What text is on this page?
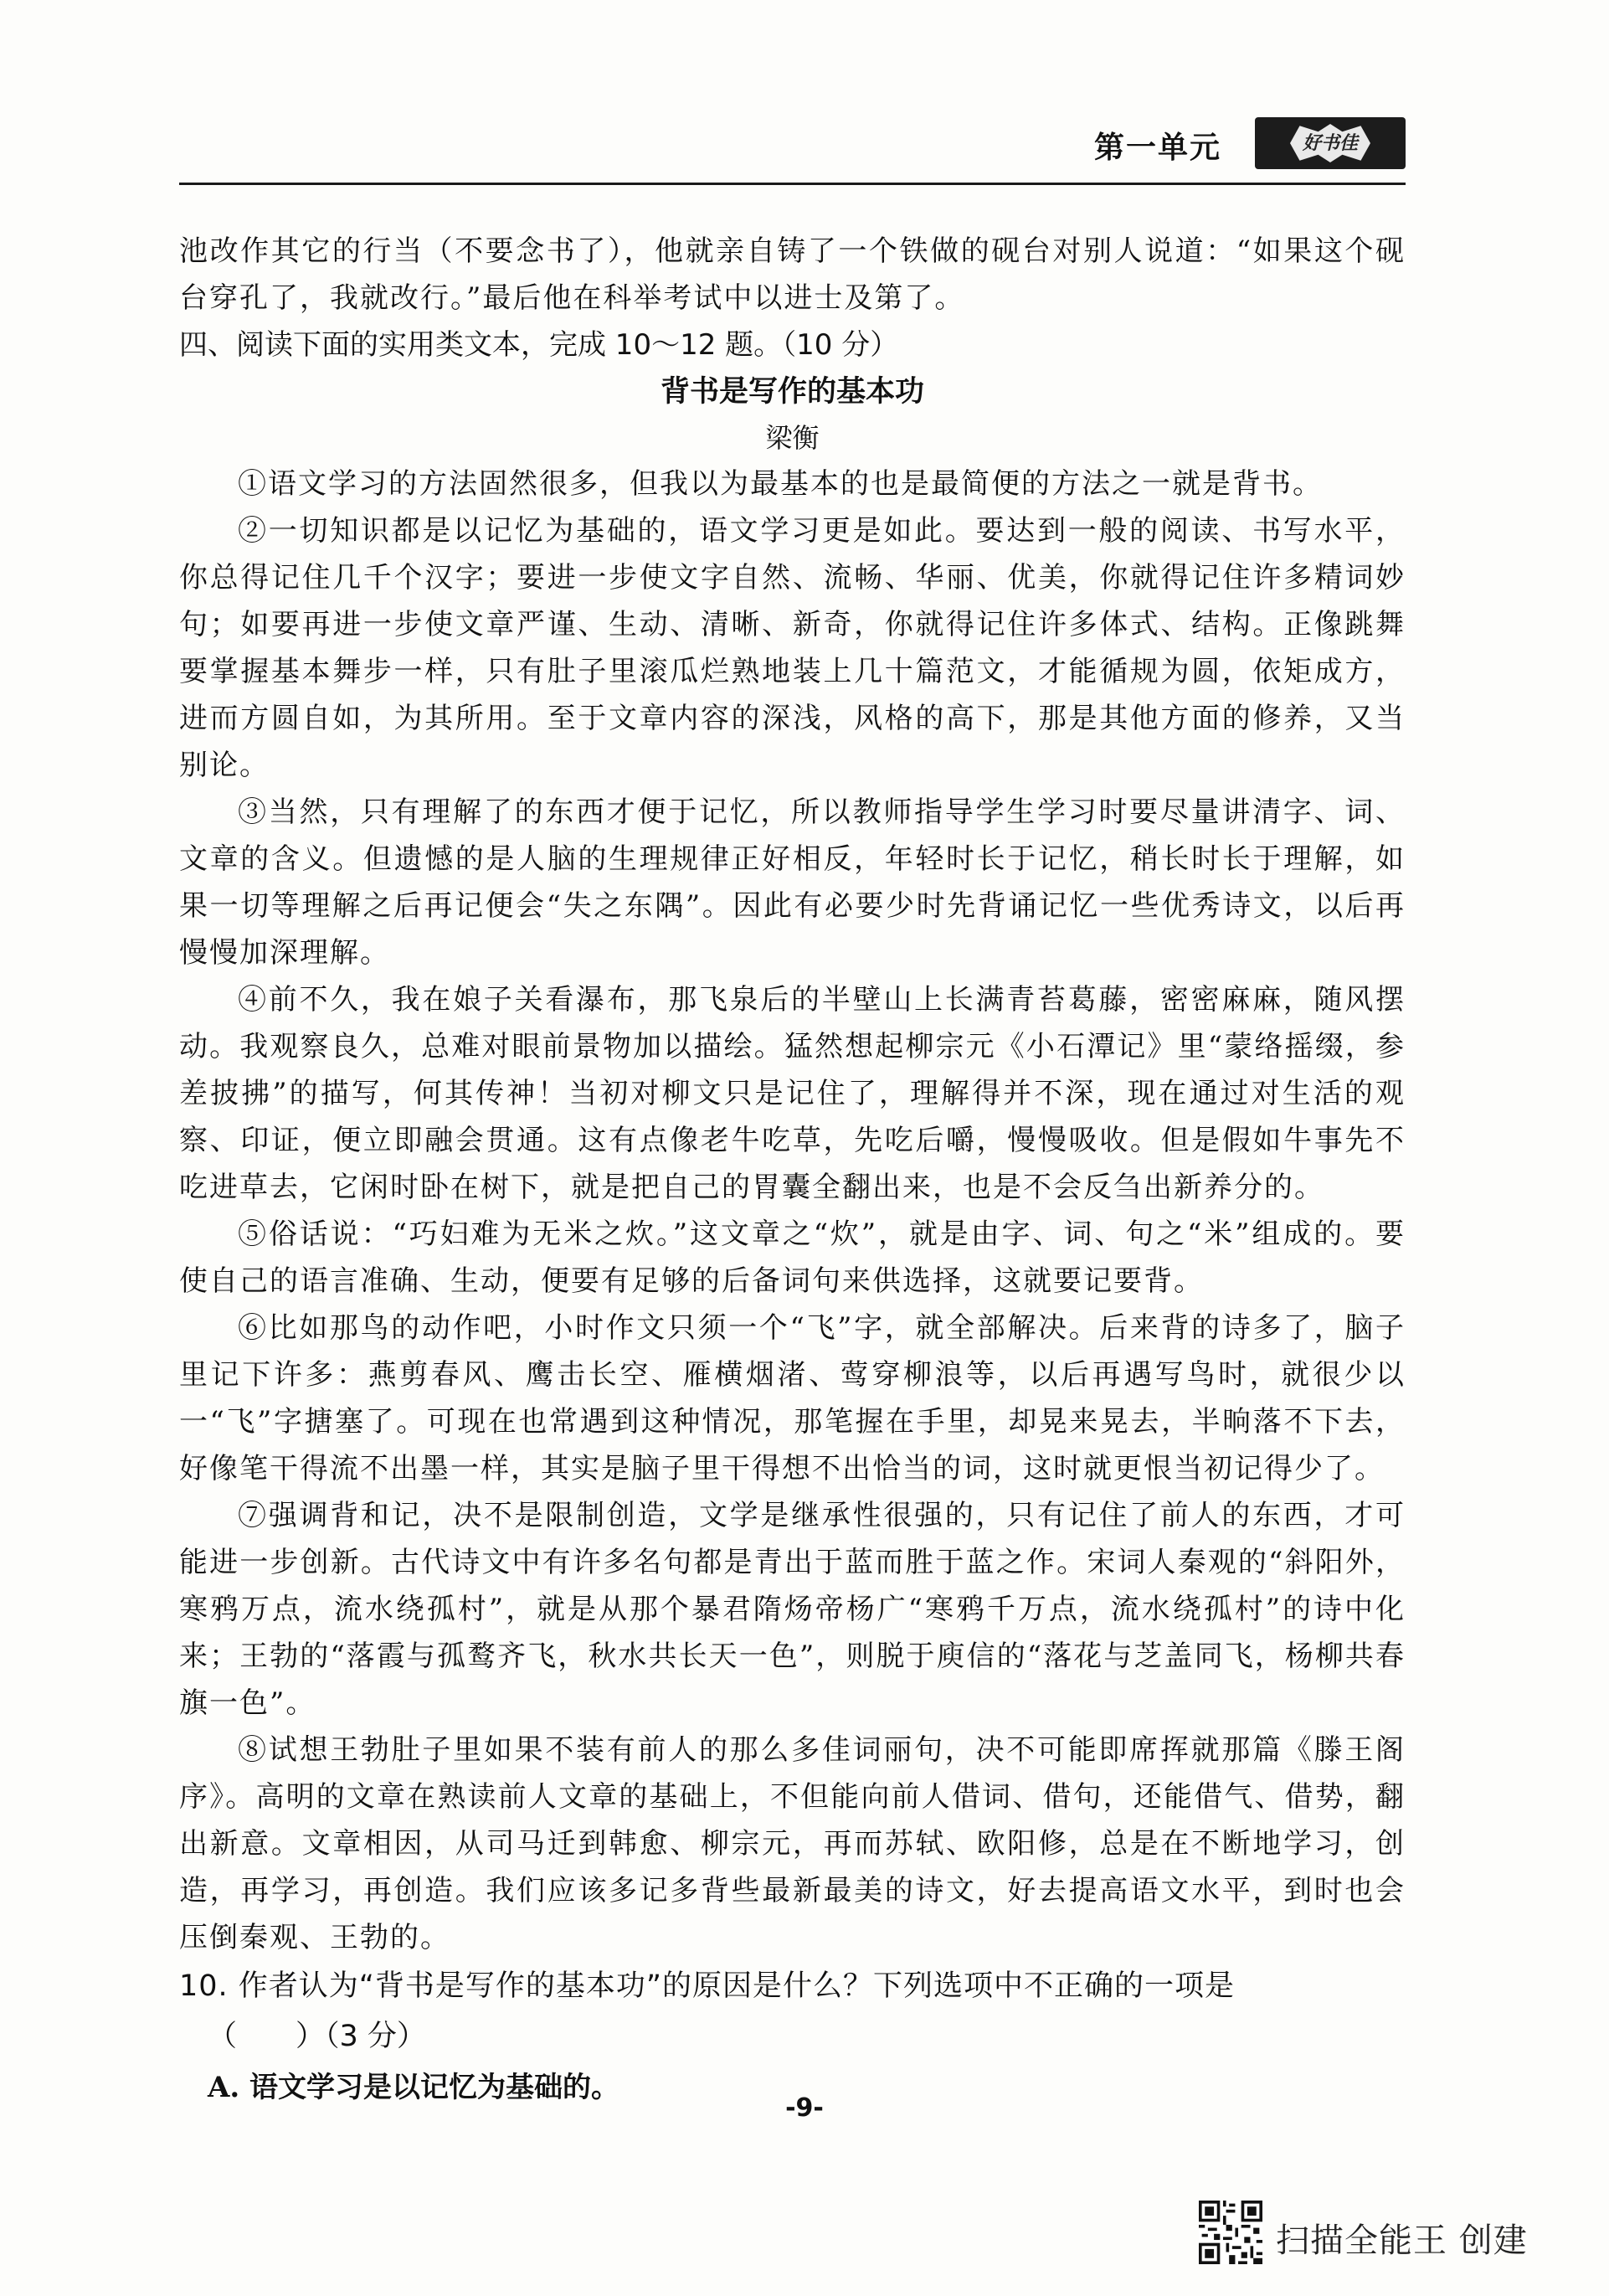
第一单元	好书佳

池改作其它的行当（不要念书了），他就亲自铸了一个铁做的砚台对别人说道：“如果这个砚台穿孔了，我就改行。”最后他在科举考试中以进士及第了。

四、阅读下面的实用类文本，完成 10～12 题。（10 分）

背书是写作的基本功

梁衡

①语文学习的方法固然很多，但我以为最基本的也是最简便的方法之一就是背书。

②一切知识都是以记忆为基础的，语文学习更是如此。要达到一般的阅读、书写水平，你总得记住几千个汉字；要进一步使文字自然、流畅、华丽、优美，你就得记住许多精词妙句；如要再进一步使文章严谨、生动、清晰、新奇，你就得记住许多体式、结构。正像跳舞要掌握基本舞步一样，只有肚子里滚瓜烂熟地装上几十篇范文，才能循规为圆，依矩成方，进而方圆自如，为其所用。至于文章内容的深浅，风格的高下，那是其他方面的修养，又当别论。

③当然，只有理解了的东西才便于记忆，所以教师指导学生学习时要尽量讲清字、词、文章的含义。但遗憾的是人脑的生理规律正好相反，年轻时长于记忆，稍长时长于理解，如果一切等理解之后再记便会“失之东隅”。因此有必要少时先背诵记忆一些优秀诗文，以后再慢慢加深理解。

④前不久，我在娘子关看瀑布，那飞泉后的半壁山上长满青苔葛藤，密密麻麻，随风摆动。我观察良久，总难对眼前景物加以描绘。猛然想起柳宗元《小石潭记》里“蒙络摇缀，参差披拂”的描写，何其传神！当初对柳文只是记住了，理解得并不深，现在通过对生活的观察、印证，便立即融会贯通。这有点像老牛吃草，先吃后嚼，慢慢吸收。但是假如牛事先不吃进草去，它闲时卧在树下，就是把自己的胃囊全翻出来，也是不会反刍出新养分的。

⑤俗话说：“巧妇难为无米之炊。”这文章之“炊”，就是由字、词、句之“米”组成的。要使自己的语言准确、生动，便要有足够的后备词句来供选择，这就要记要背。

⑥比如那鸟的动作吧，小时作文只须一个“飞”字，就全部解决。后来背的诗多了，脑子里记下许多：燕剪春风、鹰击长空、雁横烟渚、莺穿柳浪等，以后再遇写鸟时，就很少以一“飞”字搪塞了。可现在也常遇到这种情况，那笔握在手里，却晃来晃去，半晌落不下去，好像笔干得流不出墨一样，其实是脑子里干得想不出恰当的词，这时就更恨当初记得少了。

⑦强调背和记，决不是限制创造，文学是继承性很强的，只有记住了前人的东西，才可能进一步创新。古代诗文中有许多名句都是青出于蓝而胜于蓝之作。宋词人秦观的“斜阳外，寒鸦万点，流水绕孤村”，就是从那个暴君隋炀帝杨广“寒鸦千万点，流水绕孤村”的诗中化来；王勃的“落霞与孤鹜齐飞，秋水共长天一色”，则脱于庾信的“落花与芝盖同飞，杨柳共春旗一色”。

⑧试想王勃肚子里如果不装有前人的那么多佳词丽句，决不可能即席挥就那篇《滕王阁序》。高明的文章在熟读前人文章的基础上，不但能向前人借词、借句，还能借气、借势，翻出新意。文章相因，从司马迁到韩愈、柳宗元，再而苏轼、欧阳修，总是在不断地学习，创造，再学习，再创造。我们应该多记多背些最新最美的诗文，好去提高语文水平，到时也会压倒秦观、王勃的。

10. 作者认为“背书是写作的基本功”的原因是什么？下列选项中不正确的一项是

（　　）（3 分）

A. 语文学习是以记忆为基础的。

-9-
扫描全能王 创建
